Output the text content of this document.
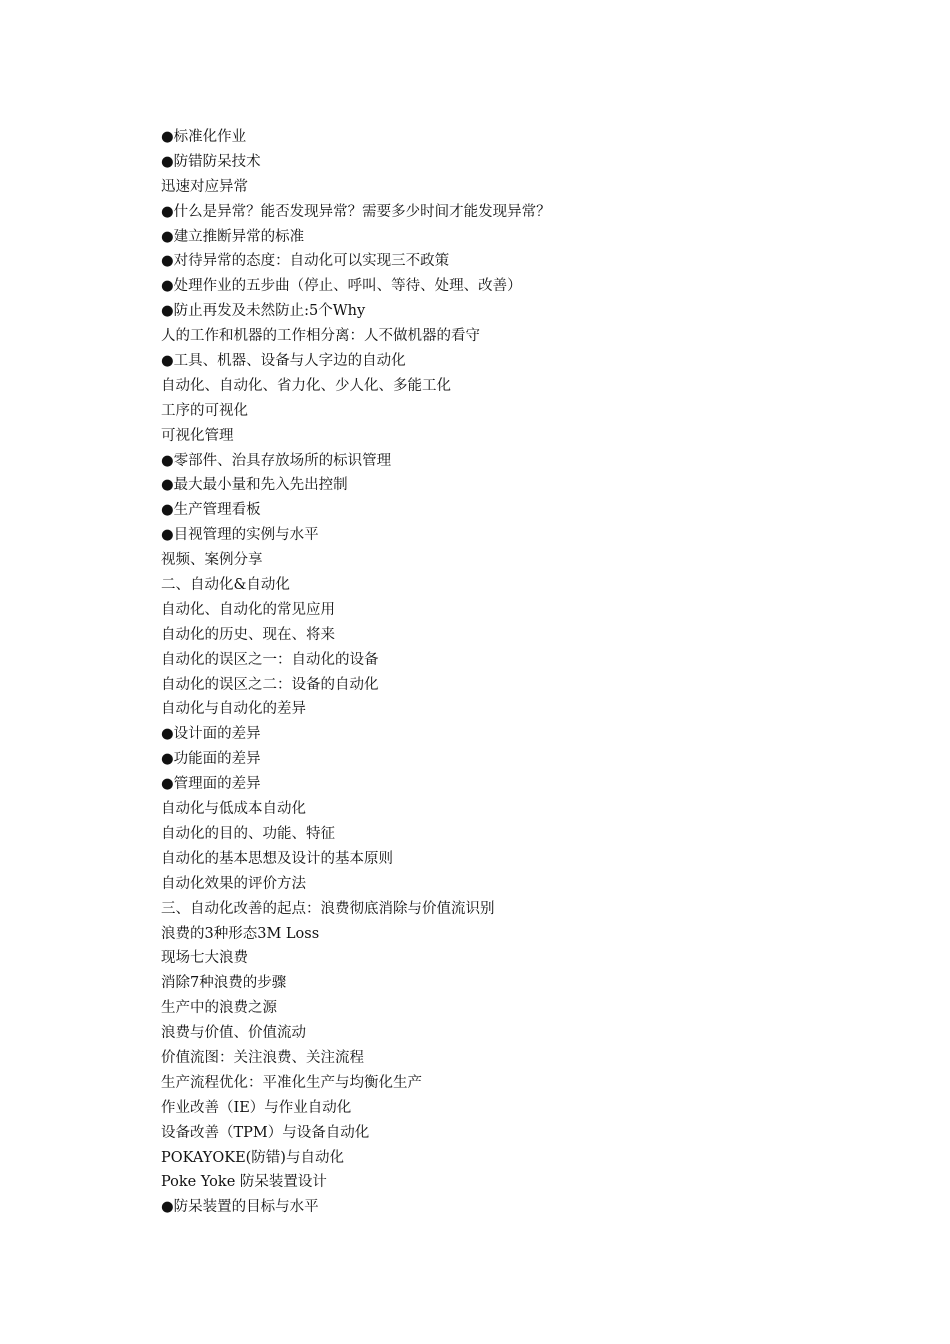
●标准化作业
●防错防呆技术
迅速对应异常
●什么是异常？能否发现异常？需要多少时间才能发现异常？
●建立推断异常的标准
●对待异常的态度：自动化可以实现三不政策
●处理作业的五步曲（停止、呼叫、等待、处理、改善）
●防止再发及未然防止:5个Why
人的工作和机器的工作相分离：人不做机器的看守
●工具、机器、设备与人字边的自动化
自动化、自动化、省力化、少人化、多能工化
工序的可视化
可视化管理
●零部件、治具存放场所的标识管理
●最大最小量和先入先出控制
●生产管理看板
●目视管理的实例与水平
视频、案例分享
二、自动化&自动化
自动化、自动化的常见应用
自动化的历史、现在、将来
自动化的误区之一：自动化的设备
自动化的误区之二：设备的自动化
自动化与自动化的差异
●设计面的差异
●功能面的差异
●管理面的差异
自动化与低成本自动化
自动化的目的、功能、特征
自动化的基本思想及设计的基本原则
自动化效果的评价方法
三、自动化改善的起点：浪费彻底消除与价值流识别
浪费的3种形态3M Loss
现场七大浪费
消除7种浪费的步骤
生产中的浪费之源
浪费与价值、价值流动
价值流图：关注浪费、关注流程
生产流程优化：平准化生产与均衡化生产
作业改善（IE）与作业自动化
设备改善（TPM）与设备自动化
POKAYOKE(防错)与自动化
Poke Yoke 防呆装置设计
●防呆装置的目标与水平
